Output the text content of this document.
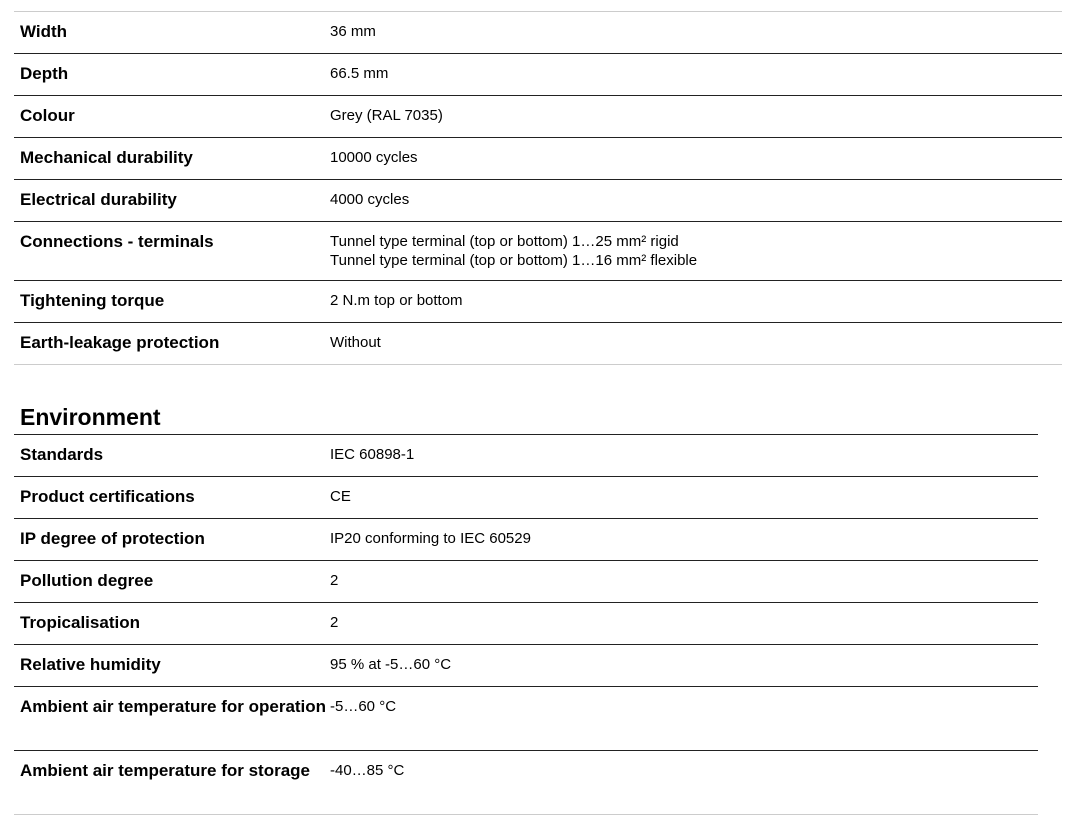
Width	36 mm

Depth	66.5 mm

Colour	Grey (RAL 7035)

Mechanical durability	10000 cycles

Electrical durability	4000 cycles

Connections - terminals	Tunnel type terminal (top or bottom) 1…25 mm² rigid
Tunnel type terminal (top or bottom) 1…16 mm² flexible

Tightening torque	2 N.m top or bottom

Earth-leakage protection	Without
Environment
Standards	IEC 60898-1

Product certifications	CE

IP degree of protection	IP20 conforming to IEC 60529

Pollution degree	2

Tropicalisation	2

Relative humidity	95 % at -5…60 °C

Ambient air temperature for operation	-5…60 °C

Ambient air temperature for storage	-40…85 °C
